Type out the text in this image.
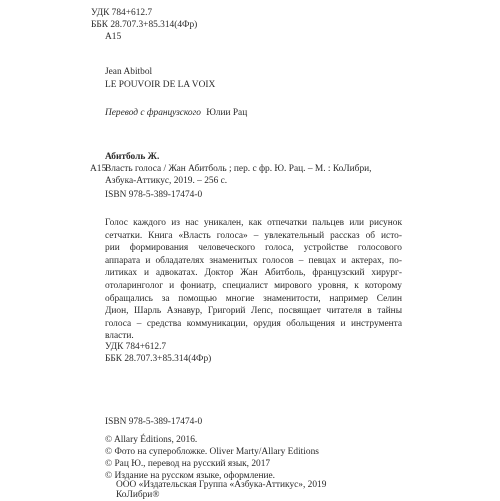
УДК 784+612.7
ББК 28.707.3+85.314(4Фр)
А15
Jean Abitbol
LE POUVOIR DE LA VOIX
Перевод с французского Юлии Рац
Абитболь Ж.
А15
Власть голоса / Жан Абитболь ; пер. с фр. Ю. Рац. – М. : КоЛибри,
Азбука-Аттикус, 2019. – 256 с.
ISBN 978-5-389-17474-0
Голос каждого из нас уникален, как отпечатки пальцев или рисунок
сетчатки. Книга «Власть голоса» – увлекательный рассказ об исто-
рии формирования человеческого голоса, устройстве голосового
аппарата и обладателях знаменитых голосов – певцах и актерах, по-
литиках и адвокатах. Доктор Жан Абитболь, французский хирург-
отоларинголог и фониатр, специалист мирового уровня, к которому
обращались за помощью многие знаменитости, например Селин
Дион, Шарль Азнавур, Григорий Лепс, посвящает читателя в тайны
голоса – средства коммуникации, орудия обольщения и инструмента
власти.
УДК 784+612.7
ББК 28.707.3+85.314(4Фр)
ISBN 978-5-389-17474-0
© Allary Éditions, 2016.
© Фото на суперобложке. Oliver Marty/Allary Editions
© Рац Ю., перевод на русский язык, 2017
© Издание на русском языке, оформление.
ООО «Издательская Группа «Азбука-Аттикус», 2019
КоЛибри®
